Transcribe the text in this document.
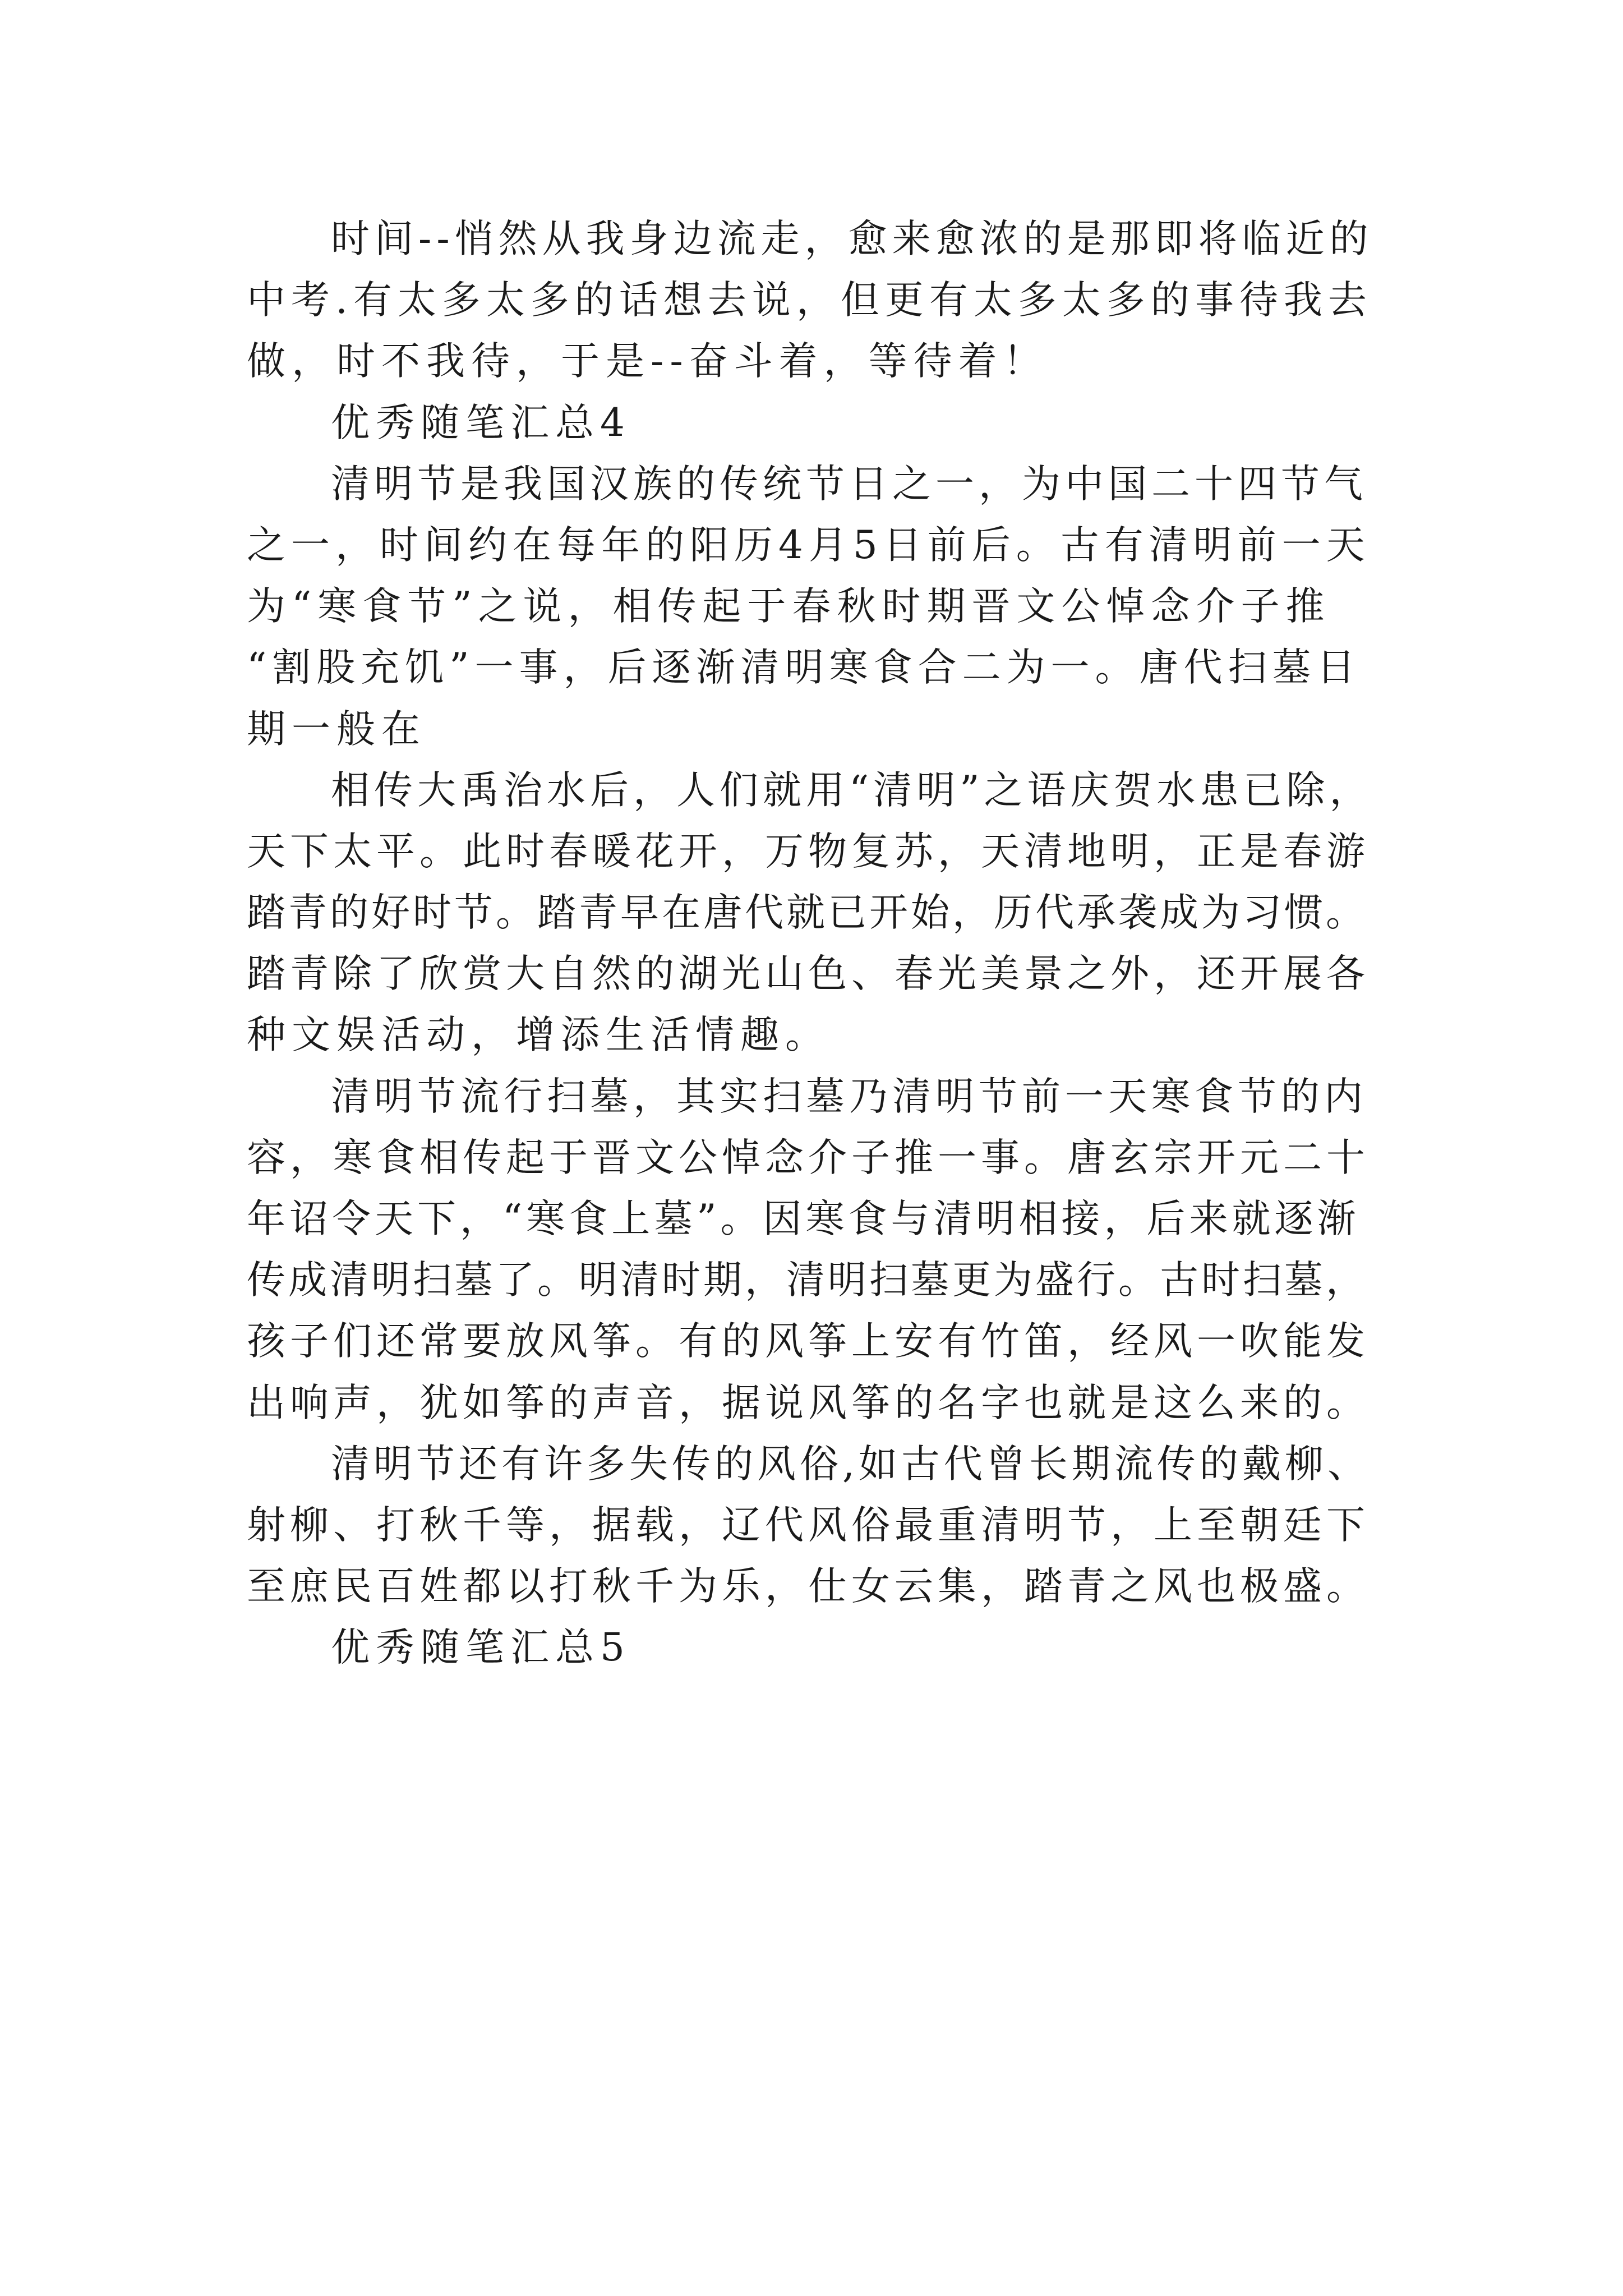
时间--悄然从我身边流走，愈来愈浓的是那即将临近的
中考.有太多太多的话想去说，但更有太多太多的事待我去
做，时不我待，于是--奋斗着，等待着！
优秀随笔汇总4
清明节是我国汉族的传统节日之一，为中国二十四节气
之一，时间约在每年的阳历4月5日前后。古有清明前一天
为“寒食节”之说，相传起于春秋时期晋文公悼念介子推
“割股充饥”一事，后逐渐清明寒食合二为一。唐代扫墓日
期一般在
相传大禹治水后，人们就用“清明”之语庆贺水患已除，
天下太平。此时春暖花开，万物复苏，天清地明，正是春游
踏青的好时节。踏青早在唐代就已开始，历代承袭成为习惯。
踏青除了欣赏大自然的湖光山色、春光美景之外，还开展各
种文娱活动，增添生活情趣。
清明节流行扫墓，其实扫墓乃清明节前一天寒食节的内
容，寒食相传起于晋文公悼念介子推一事。唐玄宗开元二十
年诏令天下，“寒食上墓”。因寒食与清明相接，后来就逐渐
传成清明扫墓了。明清时期，清明扫墓更为盛行。古时扫墓，
孩子们还常要放风筝。有的风筝上安有竹笛，经风一吹能发
出响声，犹如筝的声音，据说风筝的名字也就是这么来的。
清明节还有许多失传的风俗,如古代曾长期流传的戴柳、
射柳、打秋千等，据载，辽代风俗最重清明节，上至朝廷下
至庶民百姓都以打秋千为乐，仕女云集，踏青之风也极盛。
优秀随笔汇总5
